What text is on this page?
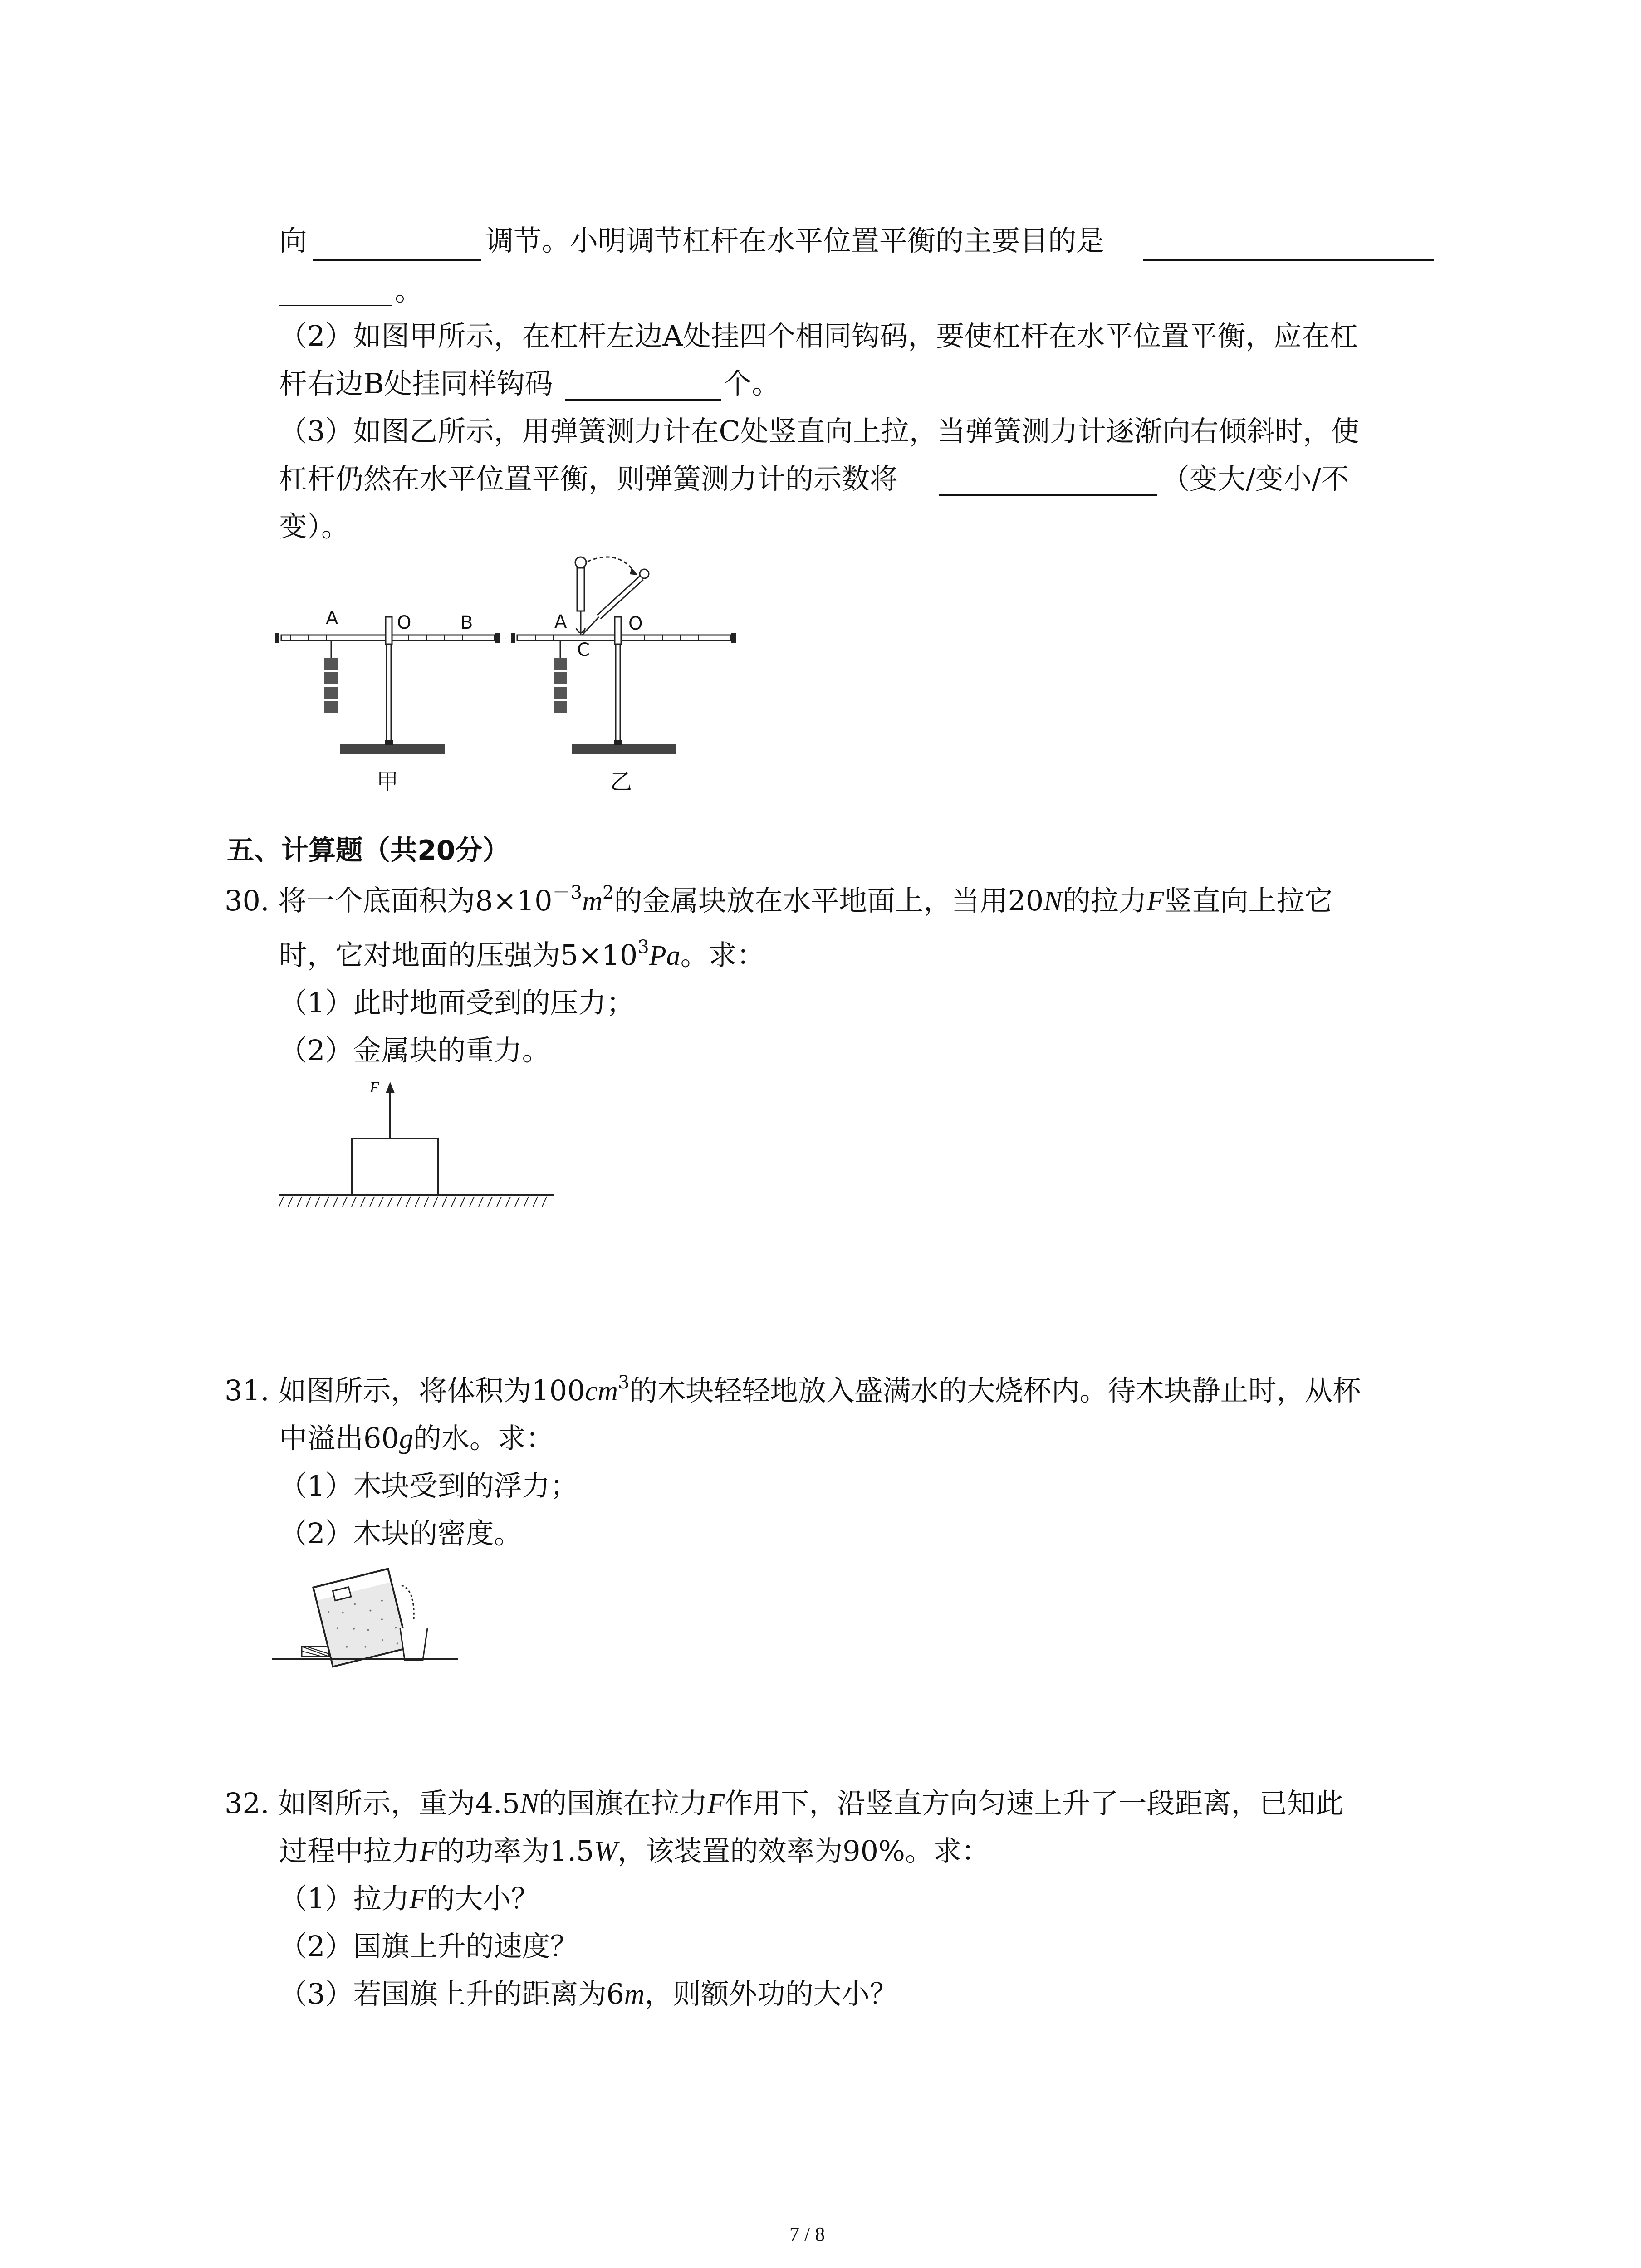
向	调节。小明调节杠杆在水平位置平衡的主要目的是
。
（2）如图甲所示，在杠杆左边A处挂四个相同钩码，要使杠杆在水平位置平衡，应在杠
杆右边B处挂同样钩码	个。
（3）如图乙所示，用弹簧测力计在C处竖直向上拉，当弹簧测力计逐渐向右倾斜时，使
杠杆仍然在水平位置平衡，则弹簧测力计的示数将	（变大/变小/不
变）。
A	O	B
甲
A
C
O
乙
五、计算题（共20分）
30. 将一个底面积为$8\times 10^{-3}m^2$的金属块放在水平地面上，当用20N的拉力F竖直向上拉它
时，它对地面的压强为$5\times 10^3Pa$。求：
（1）此时地面受到的压力；
（2）金属块的重力。
F
31. 如图所示，将体积为$100cm^3$的木块轻轻地放入盛满水的大烧杯内。待木块静止时，从杯
中溢出60g的水。求：
（1）木块受到的浮力；
（2）木块的密度。
32. 如图所示，重为4.5N的国旗在拉力F作用下，沿竖直方向匀速上升了一段距离，已知此
过程中拉力F的功率为1.5W，该装置的效率为90%。求：
（1）拉力F的大小？
（2）国旗上升的速度？
（3）若国旗上升的距离为6m，则额外功的大小？
7 / 8
